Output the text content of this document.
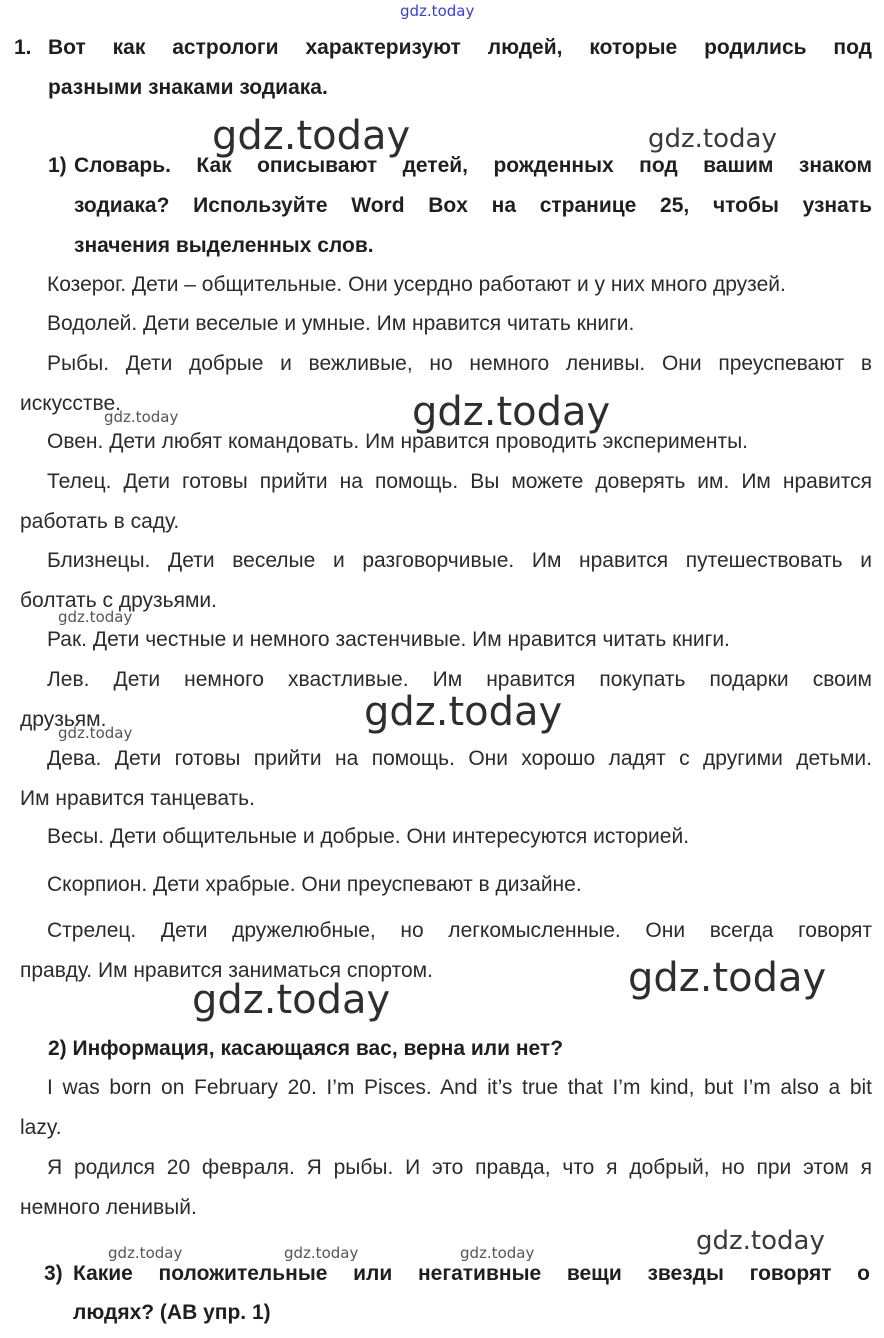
gdz.today
gdz.today	gdz.today
gdz.today	gdz.today
gdz.today
gdz.today
gdz.today
gdz.today
gdz.today
gdz.today
gdz.today	gdz.today	gdz.today
1. Вот как астрологи характеризуют людей, которые родились под
разными знаками зодиака.
1) Словарь. Как описывают детей, рожденных под вашим знаком
зодиака? Используйте Word Box на странице 25, чтобы узнать
значения выделенных слов.
Козерог. Дети – общительные. Они усердно работают и у них много друзей.
Водолей. Дети веселые и умные. Им нравится читать книги.
Рыбы. Дети добрые и вежливые, но немного ленивы. Они преуспевают в
искусстве.
Овен. Дети любят командовать. Им нравится проводить эксперименты.
Телец. Дети готовы прийти на помощь. Вы можете доверять им. Им нравится
работать в саду.
Близнецы. Дети веселые и разговорчивые. Им нравится путешествовать и
болтать с друзьями.
Рак. Дети честные и немного застенчивые. Им нравится читать книги.
Лев. Дети немного хвастливые. Им нравится покупать подарки своим
друзьям.
Дева. Дети готовы прийти на помощь. Они хорошо ладят с другими детьми.
Им нравится танцевать.
Весы. Дети общительные и добрые. Они интересуются историей.
Скорпион. Дети храбрые. Они преуспевают в дизайне.
Стрелец. Дети дружелюбные, но легкомысленные. Они всегда говорят
правду. Им нравится заниматься спортом.
2) Информация, касающаяся вас, верна или нет?
I was born on February 20. I’m Pisces. And it’s true that I’m kind, but I’m also a bit
lazy.
Я родился 20 февраля. Я рыбы. И это правда, что я добрый, но при этом я
немного ленивый.
3) Какие положительные или негативные вещи звезды говорят о
людях? (АВ упр. 1)
